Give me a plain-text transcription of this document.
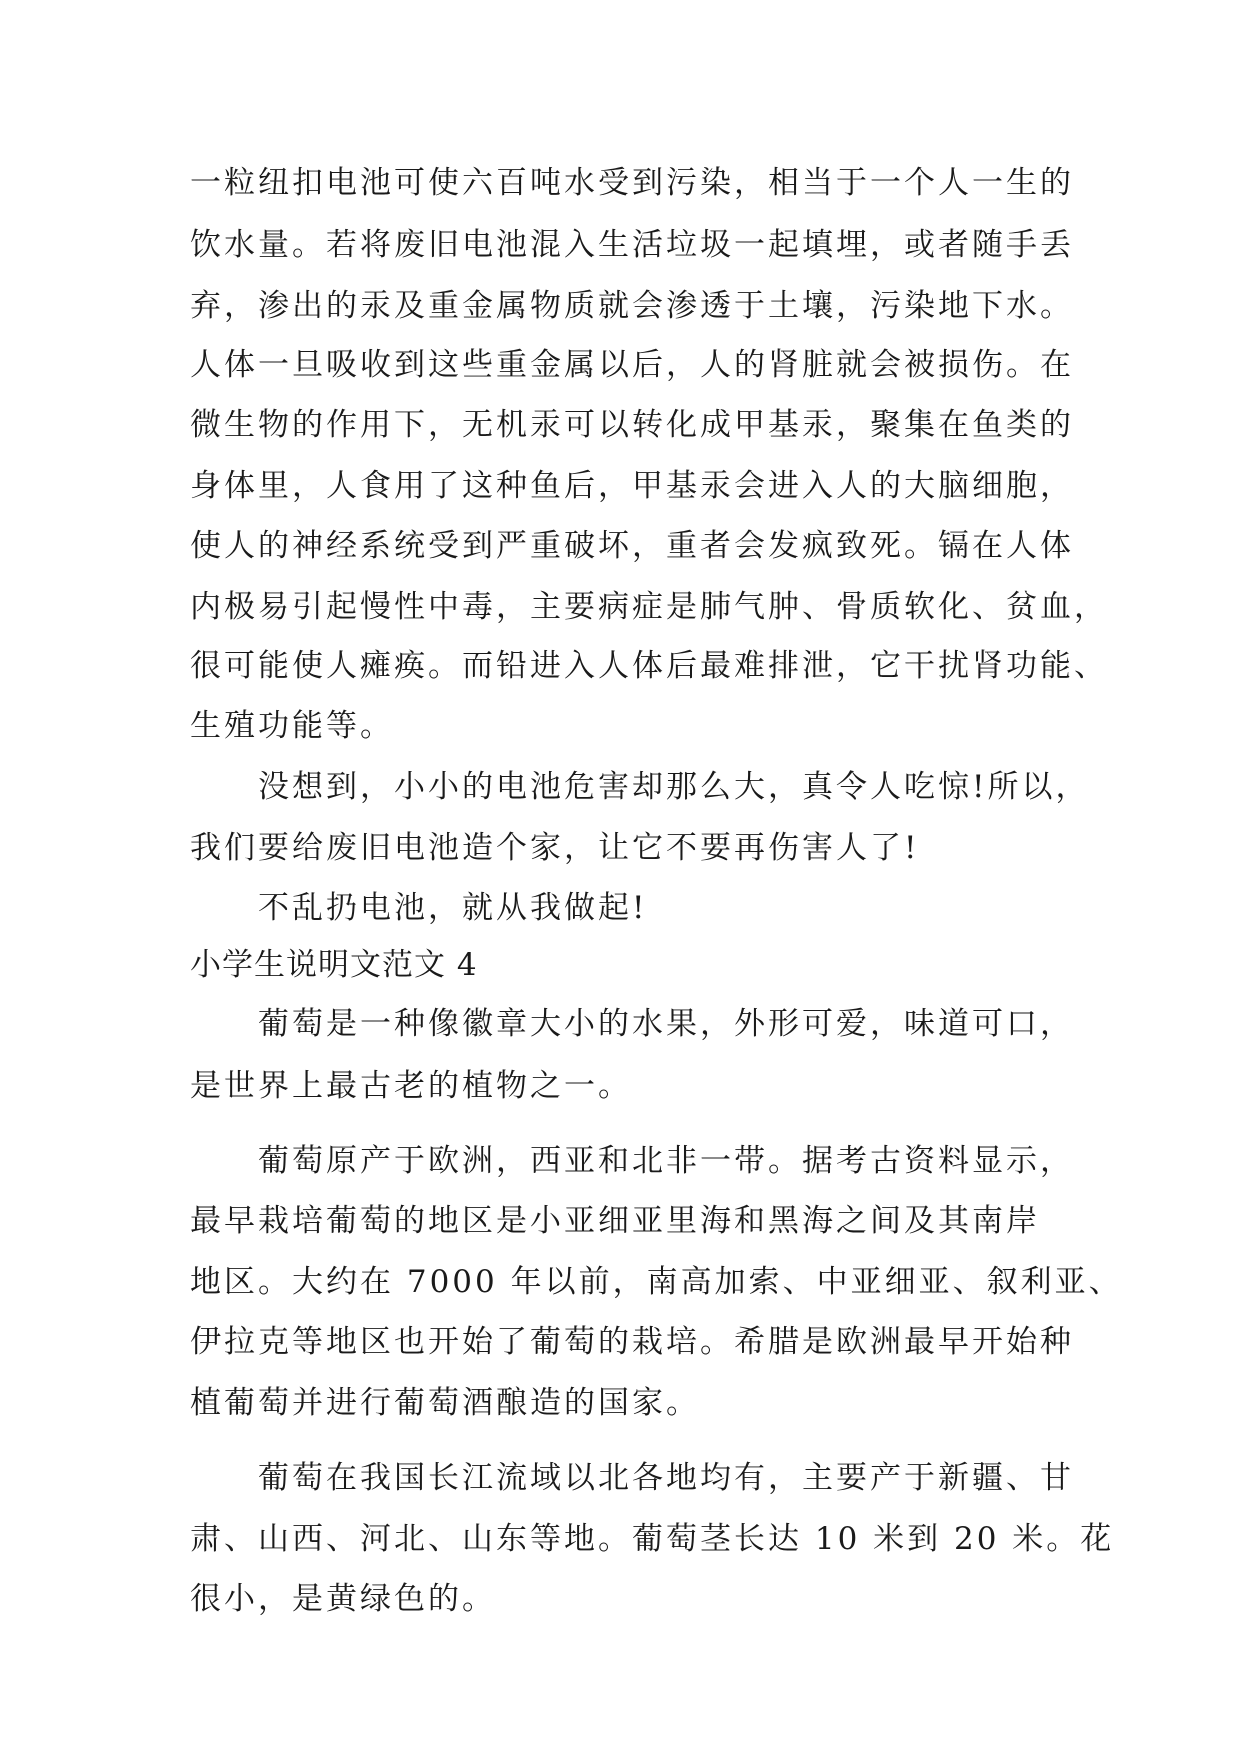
一粒纽扣电池可使六百吨水受到污染，相当于一个人一生的
饮水量。若将废旧电池混入生活垃圾一起填埋，或者随手丢
弃，渗出的汞及重金属物质就会渗透于土壤，污染地下水。
人体一旦吸收到这些重金属以后，人的肾脏就会被损伤。在
微生物的作用下，无机汞可以转化成甲基汞，聚集在鱼类的
身体里，人食用了这种鱼后，甲基汞会进入人的大脑细胞，
使人的神经系统受到严重破坏，重者会发疯致死。镉在人体
内极易引起慢性中毒，主要病症是肺气肿、骨质软化、贫血，
很可能使人瘫痪。而铅进入人体后最难排泄，它干扰肾功能、
生殖功能等。
没想到，小小的电池危害却那么大，真令人吃惊!所以，
我们要给废旧电池造个家，让它不要再伤害人了!
不乱扔电池，就从我做起!
小学生说明文范文 4
葡萄是一种像徽章大小的水果，外形可爱，味道可口，
是世界上最古老的植物之一。
葡萄原产于欧洲，西亚和北非一带。据考古资料显示，
最早栽培葡萄的地区是小亚细亚里海和黑海之间及其南岸
地区。大约在 7000 年以前，南高加索、中亚细亚、叙利亚、
伊拉克等地区也开始了葡萄的栽培。希腊是欧洲最早开始种
植葡萄并进行葡萄酒酿造的国家。
葡萄在我国长江流域以北各地均有，主要产于新疆、甘
肃、山西、河北、山东等地。葡萄茎长达 10 米到 20 米。花
很小，是黄绿色的。
